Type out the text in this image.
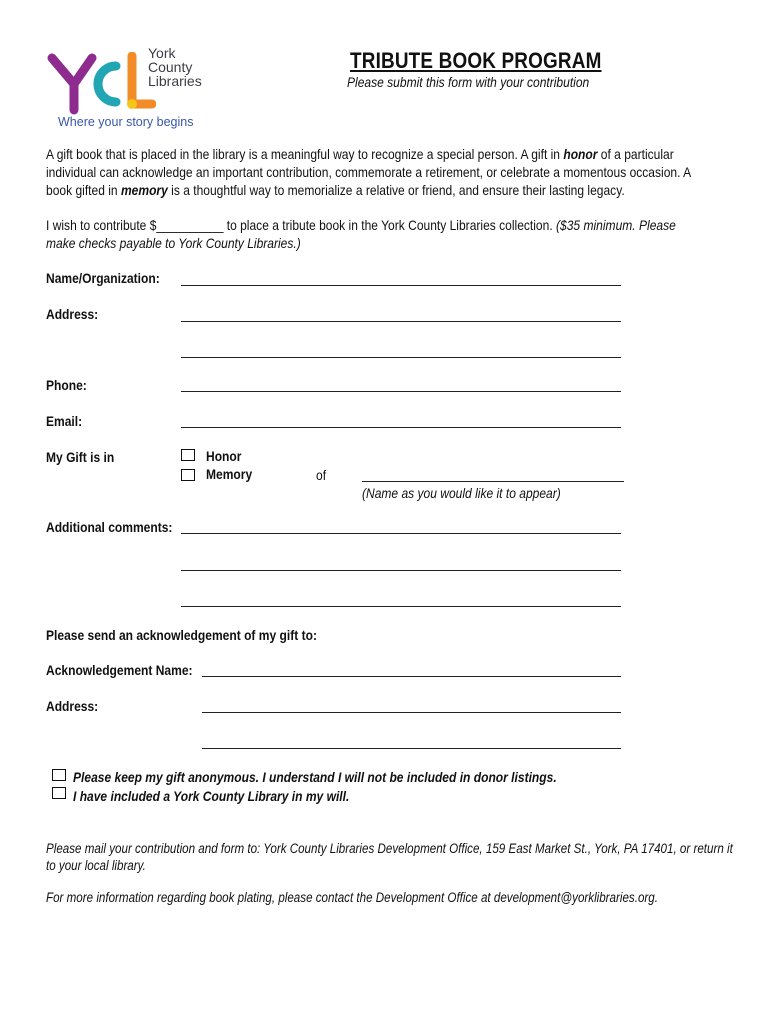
York
County
Libraries
Where your story begins
TRIBUTE BOOK PROGRAM
Please submit this form with your contribution
A gift book that is placed in the library is a meaningful way to recognize a special person. A gift in honor of a particular
individual can acknowledge an important contribution, commemorate a retirement, or celebrate a momentous occasion. A
book gifted in memory is a thoughtful way to memorialize a relative or friend, and ensure their lasting legacy.
I wish to contribute $__________ to place a tribute book in the York County Libraries collection. ($35 minimum. Please
make checks payable to York County Libraries.)
Name/Organization:
Address:
Phone:
Email:
My Gift is in	Honor
Memory	of
(Name as you would like it to appear)
Additional comments:
Please send an acknowledgement of my gift to:
Acknowledgement Name:
Address:
Please keep my gift anonymous. I understand I will not be included in donor listings.
I have included a York County Library in my will.
Please mail your contribution and form to: York County Libraries Development Office, 159 East Market St., York, PA 17401, or return it
to your local library.
For more information regarding book plating, please contact the Development Office at development@yorklibraries.org.
